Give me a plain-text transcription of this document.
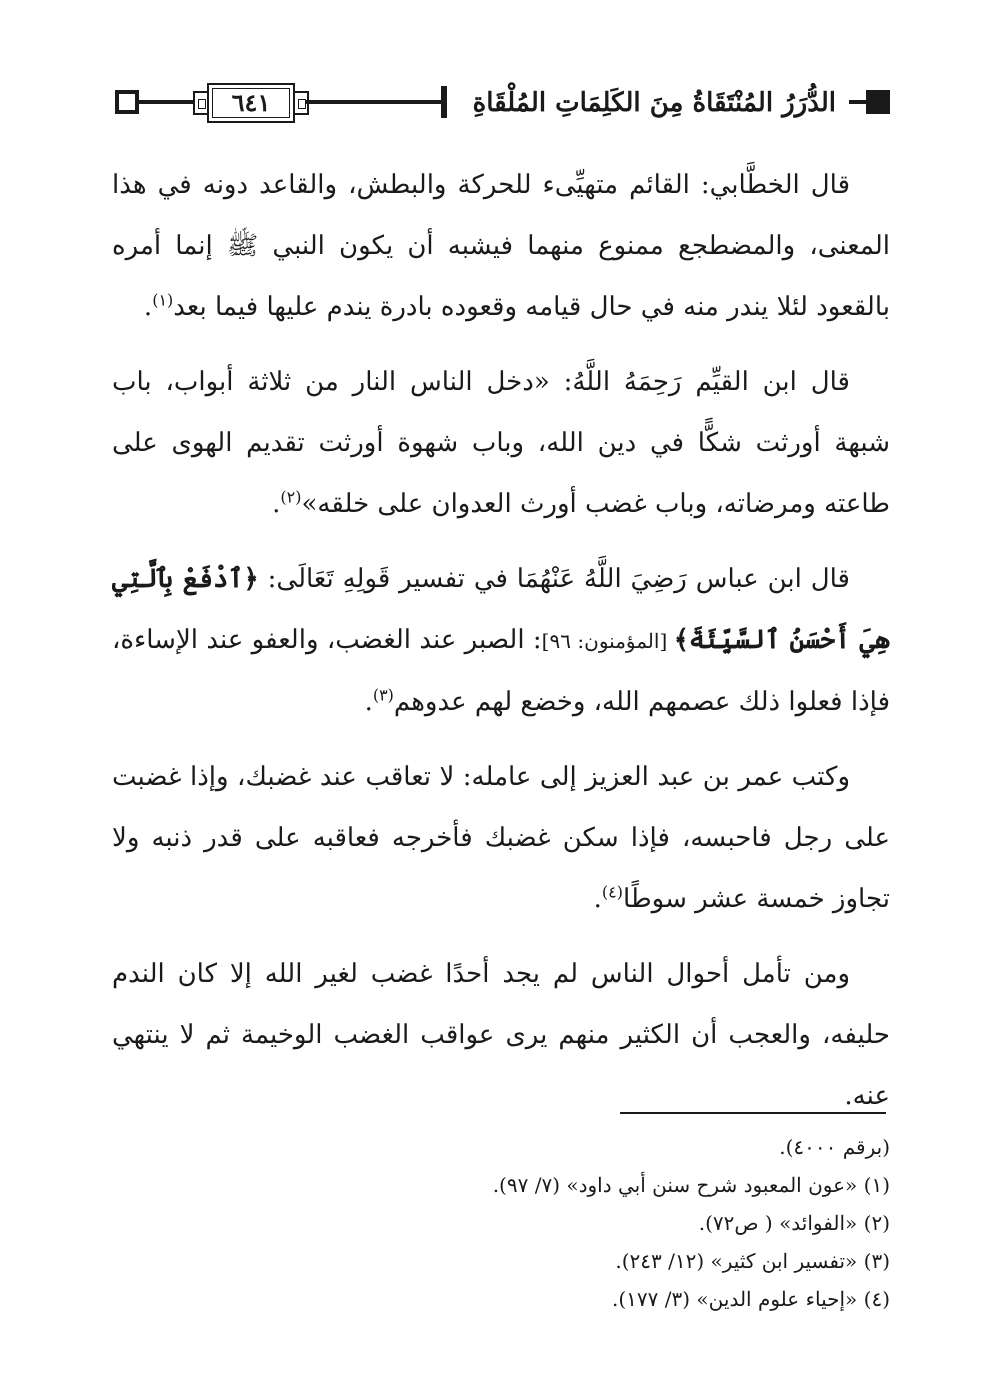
٦٤١	الدُّرَرُ المُنْتَقَاةُ مِنَ الكَلِمَاتِ المُلْقَاةِ

قال الخطَّابي: القائم متهيِّىء للحركة والبطش، والقاعد دونه في هذا المعنى، والمضطجع ممنوع منهما فيشبه أن يكون النبي ﷺ إنما أمره بالقعود لئلا يندر منه في حال قيامه وقعوده بادرة يندم عليها فيما بعد$^{(١)}$.

قال ابن القيِّم رَحِمَهُ اللَّهُ: «دخل الناس النار من ثلاثة أبواب، باب شبهة أورثت شكًّا في دين الله، وباب شهوة أورثت تقديم الهوى على طاعته ومرضاته، وباب غضب أورث العدوان على خلقه»$^{(٢)}$.

قال ابن عباس رَضِيَ اللَّهُ عَنْهُمَا في تفسير قَولِهِ تَعَالَى: ﴿ٱدْفَعْ بِٱلَّتِي هِيَ أَحْسَنُ ٱلسَّيِّئَةَ﴾ [المؤمنون: ٩٦]: الصبر عند الغضب، والعفو عند الإساءة، فإذا فعلوا ذلك عصمهم الله، وخضع لهم عدوهم$^{(٣)}$.

وكتب عمر بن عبد العزيز إلى عامله: لا تعاقب عند غضبك، وإذا غضبت على رجل فاحبسه، فإذا سكن غضبك فأخرجه فعاقبه على قدر ذنبه ولا تجاوز خمسة عشر سوطًا$^{(٤)}$.

ومن تأمل أحوال الناس لم يجد أحدًا غضب لغير الله إلا كان الندم حليفه، والعجب أن الكثير منهم يرى عواقب الغضب الوخيمة ثم لا ينتهي عنه.

(برقم ٤٠٠٠).
(١) «عون المعبود شرح سنن أبي داود» (٧/ ٩٧).
(٢) «الفوائد» ( ص٧٢).
(٣) «تفسير ابن كثير» (١٢/ ٢٤٣).
(٤) «إحياء علوم الدين» (٣/ ١٧٧).
